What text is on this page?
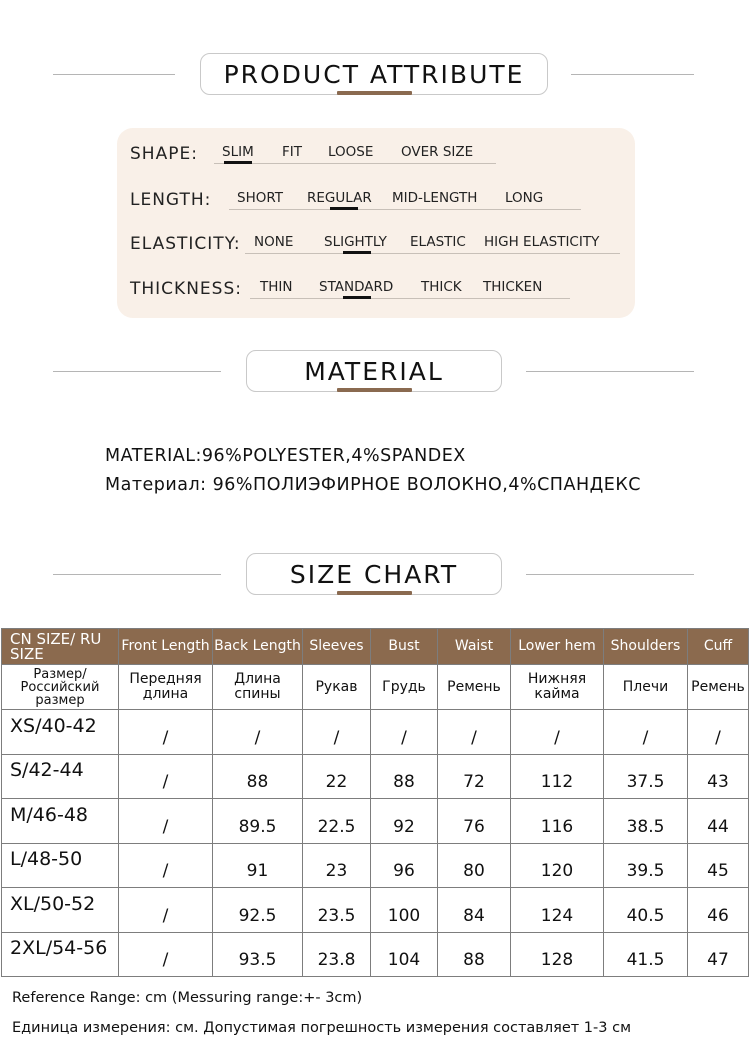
PRODUCT ATTRIBUTE
SHAPE: SLIM FIT LOOSE OVER SIZE
LENGTH: SHORT REGULAR MID-LENGTH LONG
ELASTICITY: NONE SLIGHTLY ELASTIC HIGH ELASTICITY
THICKNESS: THIN STANDARD THICK THICKEN
MATERIAL
MATERIAL:96%POLYESTER,4%SPANDEX
Материал: 96%ПОЛИЭФИРНОЕ ВОЛОКНО,4%СПАНДЕКС
SIZE CHART
CN SIZE/ RU SIZE	Front Length	Back Length	Sleeves	Bust	Waist	Lower hem	Shoulders	Cuff
Размер/ Российский размер	Передняя длина	Длина спины	Рукав	Грудь	Ремень	Нижняя кайма	Плечи	Ремень
XS/40-42	/	/	/	/	/	/	/	/
S/42-44	/	88	22	88	72	112	37.5	43
M/46-48	/	89.5	22.5	92	76	116	38.5	44
L/48-50	/	91	23	96	80	120	39.5	45
XL/50-52	/	92.5	23.5	100	84	124	40.5	46
2XL/54-56	/	93.5	23.8	104	88	128	41.5	47
Reference Range: cm (Messuring range:+- 3cm)
Единица измерения: см. Допустимая погрешность измерения составляет 1-3 см
